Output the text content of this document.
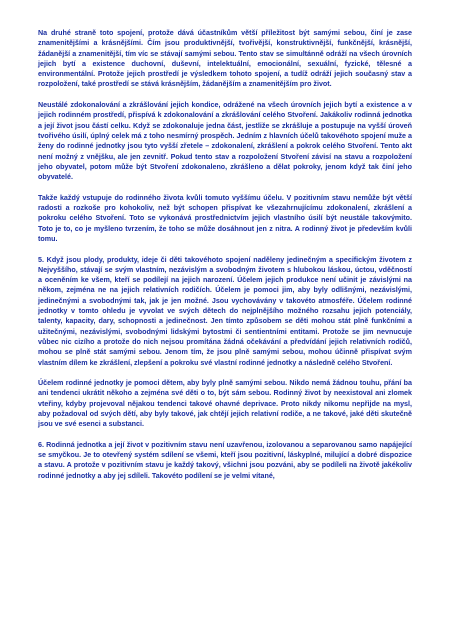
Na druhé straně toto spojení, protože dává účastníkům větší příležitost být samými sebou, činí je zase znamenitějšími a krásnějšími. Čím jsou produktivnější, tvořivější, konstruktivnější, funkčnější, krásnější, žádanější a znamenitější, tím víc se stávají samými sebou. Tento stav se simultánně odráží na všech úrovních jejich bytí a existence duchovní, duševní, intelektuální, emocionální, sexuální, fyzické, tělesné a environmentální. Protože jejich prostředí je výsledkem tohoto spojení, a tudíž odráží jejich současný stav a rozpoložení, také prostředí se stává krásnějším, žádanějším a znamenitějším pro život.

Neustálé zdokonalování a zkrášlování jejich kondice, odrážené na všech úrovních jejich bytí a existence a v jejich rodinném prostředí, přispívá k zdokonalování a zkrášlování celého Stvoření. Jakákoliv rodinná jednotka a její život jsou částí celku. Když se zdokonaluje jedna část, jestliže se zkrášluje a postupuje na vyšší úroveň tvořivého úsilí, úplný celek má z toho nesmírný prospěch. Jedním z hlavních účelů takovéhoto spojení muže a ženy do rodinné jednotky jsou tyto vyšší zřetele – zdokonalení, zkrášlení a pokrok celého Stvoření. Tento akt není možný z vnějšku, ale jen zevnitř. Pokud tento stav a rozpoložení Stvoření závisí na stavu a rozpoložení jeho obyvatel, potom může být Stvoření zdokonaleno, zkrášleno a dělat pokroky, jenom když tak činí jeho obyvatelé.

Takže každý vstupuje do rodinného života kvůli tomuto vyššímu účelu. V pozitivním stavu nemůže být větší radosti a rozkoše pro kohokoliv, než být schopen přispívat ke všezahrnujícímu zdokonalení, zkrášlení a pokroku celého Stvoření. Toto se vykonává prostřednictvím jejich vlastního úsilí být neustále takovýmito. Toto je to, co je myšleno tvrzením, že toho se může dosáhnout jen z nitra. A rodinný život je především kvůli tomu.

5. Když jsou plody, produkty, ideje či děti takovéhoto spojení naděleny jedinečným a specifickým životem z Nejvyššího, stávají se svým vlastním, nezávislým a svobodným životem s hlubokou láskou, úctou, vděčností a oceněním ke všem, kteří se podílejí na jejich narození. Účelem jejich produkce není učinit je závislými na někom, zejména ne na jejich relativních rodičích. Účelem je pomoci jim, aby byly odlišnými, nezávislými, jedinečnými a svobodnými tak, jak je jen možné. Jsou vychovávány v takovéto atmosféře. Účelem rodinné jednotky v tomto ohledu je vyvolat ve svých dětech do nejplnějšího možného rozsahu jejich potenciály, talenty, kapacity, dary, schopnosti a jedinečnost. Jen tímto způsobem se děti mohou stát plně funkčními a užitečnými, nezávislými, svobodnými lidskými bytostmi či sentientními entitami. Protože se jim nevnucuje vůbec nic cizího a protože do nich nejsou promítána žádná očekávání a předvídání jejich relativních rodičů, mohou se plně stát samými sebou. Jenom tím, že jsou plně samými sebou, mohou účinně přispívat svým vlastním dílem ke zkrášlení, zlepšení a pokroku své vlastní rodinné jednotky a následně celého Stvoření.

Účelem rodinné jednotky je pomoci dětem, aby byly plně samými sebou. Nikdo nemá žádnou touhu, přání ba ani tendenci ukrátit někoho a zejména své děti o to, být sám sebou. Rodinný život by neexistoval ani zlomek vteřiny, kdyby projevoval nějakou tendenci takové ohavné deprivace. Proto nikdy nikomu nepřijde na mysl, aby požadoval od svých dětí, aby byly takové, jak chtějí jejich relativní rodiče, a ne takové, jaké děti skutečně jsou ve své esenci a substanci.

6. Rodinná jednotka a její život v pozitivním stavu není uzavřenou, izolovanou a separovanou samo napájející se smyčkou. Je to otevřený systém sdílení se všemi, kteří jsou pozitivní, láskyplné, milující a dobré dispozice a stavu. A protože v pozitivním stavu je každý takový, všichni jsou pozváni, aby se podíleli na životě jakékoliv rodinné jednotky a aby jej sdíleli. Takovéto podílení se je velmi vítané,
